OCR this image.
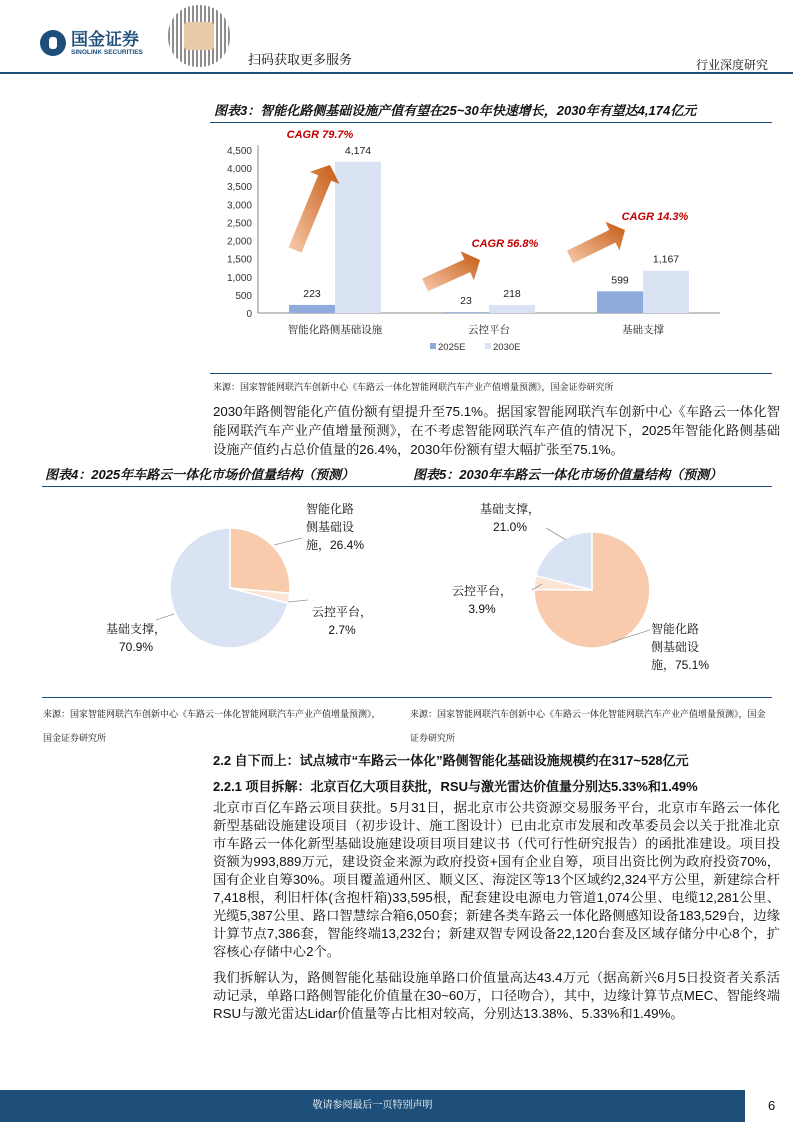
国金证券
SINOLINK SECURITIES	扫码获取更多服务	行业深度研究
图表3：智能化路侧基础设施产值有望在25~30年快速增长，2030年有望达4,174亿元
0
500
1,000
1,500
2,000
2,500
3,000
3,500
4,000
4,500
223
4,174
智能化路侧基础设施
23
218
云控平台
599
1,167
基础支撑
CAGR 79.7%
CAGR 56.8%
CAGR 14.3%
2025E	2030E
来源：国家智能网联汽车创新中心《车路云一体化智能网联汽车产业产值增量预测》，国金证券研究所
2030年路侧智能化产值份额有望提升至75.1%。据国家智能网联汽车创新中心《车路云一体化智能网联汽车产业产值增量预测》，在不考虑智能网联汽车产值的情况下，2025年智能化路侧基础设施产值约占总价值量的26.4%，2030年份额有望大幅扩张至75.1%。
图表4：2025年车路云一体化市场价值量结构（预测）	图表5：2030年车路云一体化市场价值量结构（预测）
智能化路
侧基础设
施，26.4%
云控平台，
2.7%
基础支撑，
70.9%
智能化路
侧基础设
施，75.1%
云控平台，
3.9%
基础支撑，
21.0%
来源：国家智能网联汽车创新中心《车路云一体化智能网联汽车产业产值增量预测》，国金证券研究所
来源：国家智能网联汽车创新中心《车路云一体化智能网联汽车产业产值增量预测》，国金证券研究所
2.2 自下而上：试点城市“车路云一体化”路侧智能化基础设施规模约在317~528亿元
2.2.1 项目拆解：北京百亿大项目获批，RSU与激光雷达价值量分别达5.33%和1.49%
北京市百亿车路云项目获批。5月31日，据北京市公共资源交易服务平台，北京市车路云一体化新型基础设施建设项目（初步设计、施工图设计）已由北京市发展和改革委员会以关于批准北京市车路云一体化新型基础设施建设项目项目建议书（代可行性研究报告）的函批准建设。项目投资额为993,889万元，建设资金来源为政府投资+国有企业自筹，项目出资比例为政府投资70%，国有企业自筹30%。项目覆盖通州区、顺义区、海淀区等13个区域约2,324平方公里，新建综合杆7,418根，利旧杆体(含抱杆箱)33,595根，配套建设电源电力管道1,074公里、电缆12,281公里、光缆5,387公里、路口智慧综合箱6,050套；新建各类车路云一体化路侧感知设备183,529台，边缘计算节点7,386套，智能终端13,232台；新建双智专网设备22,120台套及区域存储分中心8个，扩容核心存储中心2个。
我们拆解认为，路侧智能化基础设施单路口价值量高达43.4万元（据高新兴6月5日投资者关系活动记录，单路口路侧智能化价值量在30~60万，口径吻合），其中，边缘计算节点MEC、智能终端RSU与激光雷达Lidar价值量等占比相对较高，分别达13.38%、5.33%和1.49%。
敬请参阅最后一页特别声明	6
